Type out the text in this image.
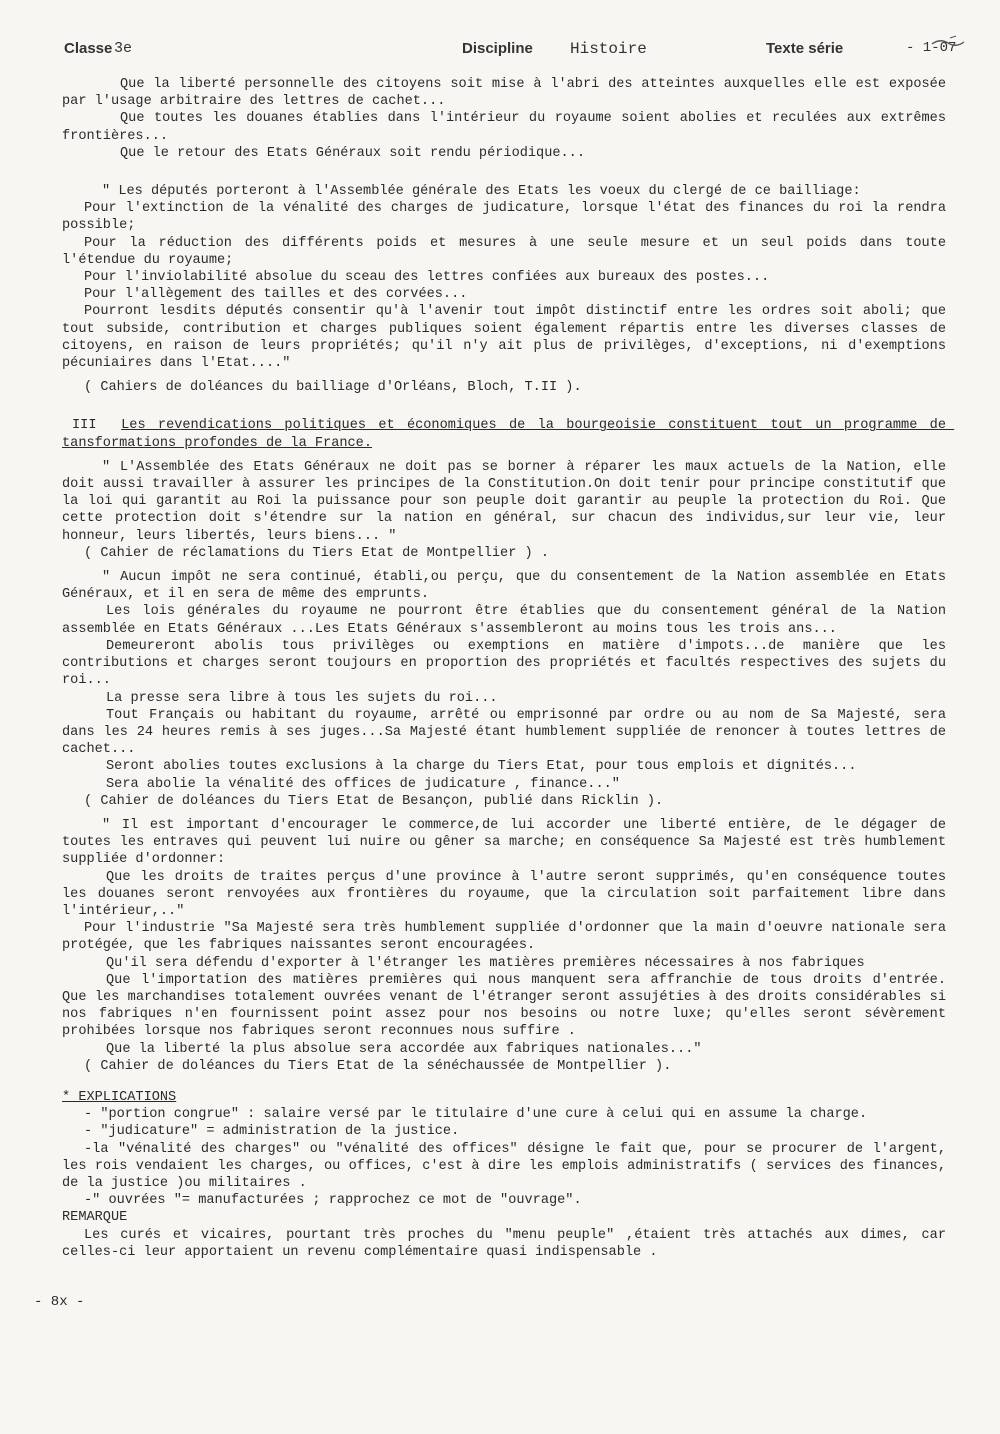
Classe 3e	Discipline Histoire	Texte série	- 1-07

Que la liberté personnelle des citoyens soit mise à l'abri des atteintes auxquelles elle est exposée par l'usage arbitraire des lettres de cachet...

Que toutes les douanes établies dans l'intérieur du royaume soient abolies et reculées aux extrêmes frontières...

Que le retour des Etats Généraux soit rendu périodique...

" Les députés porteront à l'Assemblée générale des Etats les voeux du clergé de ce bailliage:

Pour l'extinction de la vénalité des charges de judicature, lorsque l'état des finances du roi la rendra possible;

Pour la réduction des différents poids et mesures à une seule mesure et un seul poids dans toute l'étendue du royaume;

Pour l'inviolabilité absolue du sceau des lettres confiées aux bureaux des postes...

Pour l'allègement des tailles et des corvées...

Pourront lesdits députés consentir qu'à l'avenir tout impôt distinctif entre les ordres soit aboli; que tout subside, contribution et charges publiques soient également répartis entre les diverses classes de citoyens, en raison de leurs propriétés; qu'il n'y ait plus de privilèges, d'exceptions, ni d'exemptions pécuniaires dans l'Etat...."

( Cahiers de doléances du bailliage d'Orléans, Bloch, T.II ).

III Les revendications politiques et économiques de la bourgeoisie constituent tout un programme de tansformations profondes de la France.

" L'Assemblée des Etats Généraux ne doit pas se borner à réparer les maux actuels de la Nation, elle doit aussi travailler à assurer les principes de la Constitution.On doit tenir pour principe constitutif que la loi qui garantit au Roi la puissance pour son peuple doit garantir au peuple la protection du Roi. Que cette protection doit s'étendre sur la nation en général, sur chacun des individus,sur leur vie, leur honneur, leurs libertés, leurs biens... "

( Cahier de réclamations du Tiers Etat de Montpellier ) .

" Aucun impôt ne sera continué, établi,ou perçu, que du consentement de la Nation assemblée en Etats Généraux, et il en sera de même des emprunts.

Les lois générales du royaume ne pourront être établies que du consentement général de la Nation assemblée en Etats Généraux ...Les Etats Généraux s'assembleront au moins tous les trois ans...

Demeureront abolis tous privilèges ou exemptions en matière d'impots...de manière que les contributions et charges seront toujours en proportion des propriétés et facultés respectives des sujets du roi...

La presse sera libre à tous les sujets du roi...

Tout Français ou habitant du royaume, arrêté ou emprisonné par ordre ou au nom de Sa Majesté, sera dans les 24 heures remis à ses juges...Sa Majesté étant humblement suppliée de renoncer à toutes lettres de cachet...

Seront abolies toutes exclusions à la charge du Tiers Etat, pour tous emplois et dignités...

Sera abolie la vénalité des offices de judicature , finance..."

( Cahier de doléances du Tiers Etat de Besançon, publié dans Ricklin ).

" Il est important d'encourager le commerce,de lui accorder une liberté entière, de le dégager de toutes les entraves qui peuvent lui nuire ou gêner sa marche; en conséquence Sa Majesté est très humblement suppliée d'ordonner:

Que les droits de traites perçus d'une province à l'autre seront supprimés, qu'en conséquence toutes les douanes seront renvoyées aux frontières du royaume, que la circulation soit parfaitement libre dans l'intérieur,.."

Pour l'industrie "Sa Majesté sera très humblement suppliée d'ordonner que la main d'oeuvre nationale sera protégée, que les fabriques naissantes seront encouragées.

Qu'il sera défendu d'exporter à l'étranger les matières premières nécessaires à nos fabriques

Que l'importation des matières premières qui nous manquent sera affranchie de tous droits d'entrée. Que les marchandises totalement ouvrées venant de l'étranger seront assujéties à des droits considérables si nos fabriques n'en fournissent point assez pour nos besoins ou notre luxe; qu'elles seront sévèrement prohibées lorsque nos fabriques seront reconnues nous suffire .

Que la liberté la plus absolue sera accordée aux fabriques nationales..."

( Cahier de doléances du Tiers Etat de la sénéchaussée de Montpellier ).

* EXPLICATIONS

- "portion congrue" : salaire versé par le titulaire d'une cure à celui qui en assume la charge.

- "judicature" = administration de la justice.

-la "vénalité des charges" ou "vénalité des offices" désigne le fait que, pour se procurer de l'argent, les rois vendaient les charges, ou offices, c'est à dire les emplois administratifs ( services des finances, de la justice )ou militaires .

-" ouvrées "= manufacturées ; rapprochez ce mot de "ouvrage".

REMARQUE

Les curés et vicaires, pourtant très proches du "menu peuple" ,étaient très attachés aux dimes, car celles-ci leur apportaient un revenu complémentaire quasi indispensable .

- 8x -
